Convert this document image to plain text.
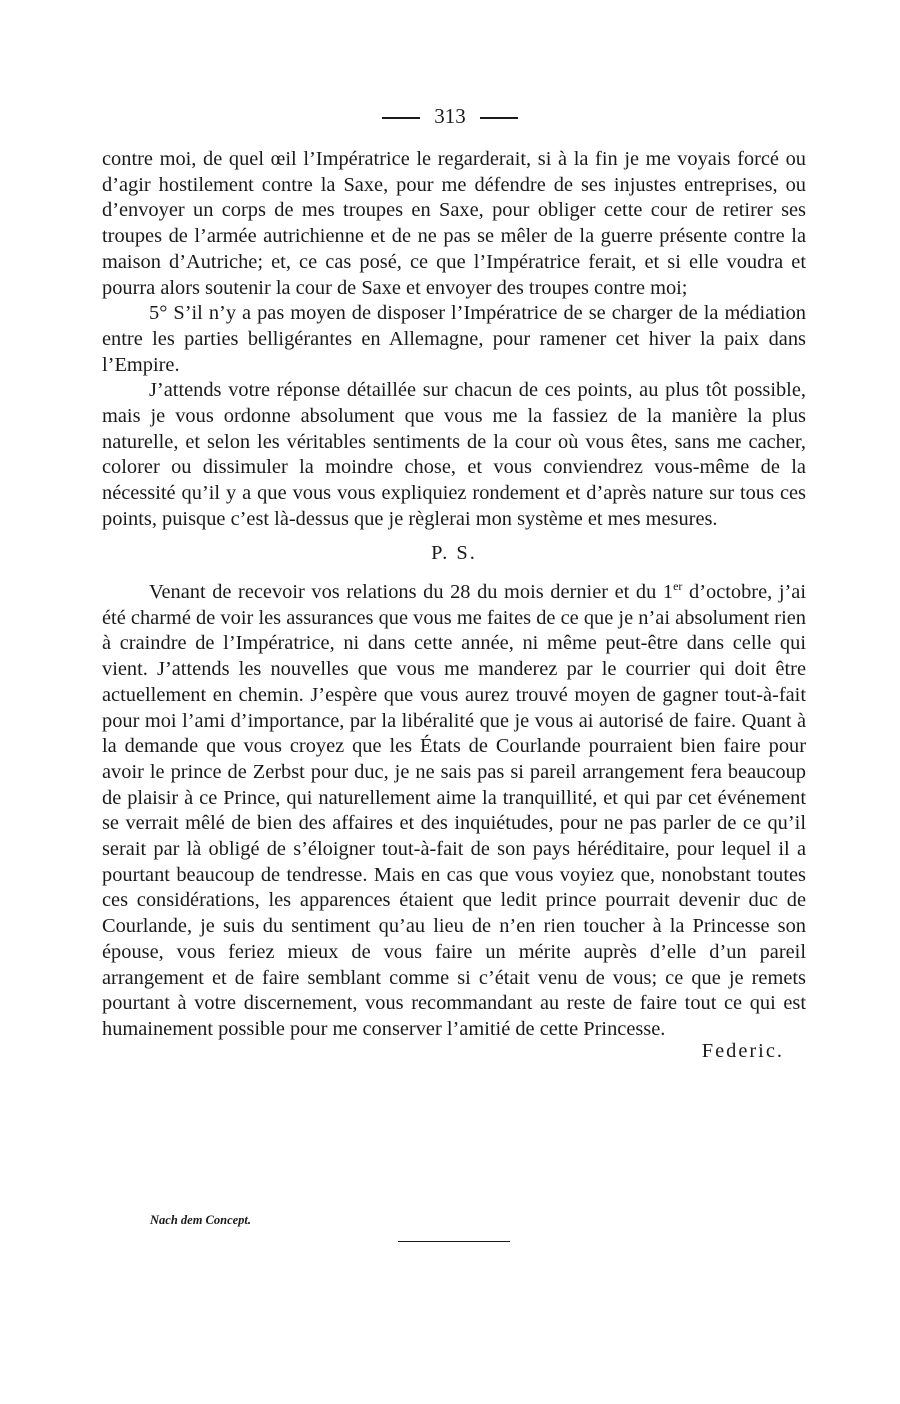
313

contre moi, de quel œil l’Impératrice le regarderait, si à la fin je me voyais forcé ou d’agir hostilement contre la Saxe, pour me défendre de ses injustes entreprises, ou d’envoyer un corps de mes troupes en Saxe, pour obliger cette cour de retirer ses troupes de l’armée autrichienne et de ne pas se mêler de la guerre présente contre la maison d’Autriche; et, ce cas posé, ce que l’Impératrice ferait, et si elle voudra et pourra alors soutenir la cour de Saxe et envoyer des troupes contre moi;

5° S’il n’y a pas moyen de disposer l’Impératrice de se charger de la médiation entre les parties belligérantes en Allemagne, pour ramener cet hiver la paix dans l’Empire.

J’attends votre réponse détaillée sur chacun de ces points, au plus tôt possible, mais je vous ordonne absolument que vous me la fassiez de la manière la plus naturelle, et selon les véritables sentiments de la cour où vous êtes, sans me cacher, colorer ou dissimuler la moindre chose, et vous conviendrez vous-même de la nécessité qu’il y a que vous vous expliquiez rondement et d’après nature sur tous ces points, puisque c’est là-dessus que je règlerai mon système et mes mesures.

P. S.

Venant de recevoir vos relations du 28 du mois dernier et du 1er d’octobre, j’ai été charmé de voir les assurances que vous me faites de ce que je n’ai absolument rien à craindre de l’Impératrice, ni dans cette année, ni même peut-être dans celle qui vient. J’attends les nouvelles que vous me manderez par le courrier qui doit être actuellement en chemin. J’espère que vous aurez trouvé moyen de gagner tout-à-fait pour moi l’ami d’importance, par la libéralité que je vous ai autorisé de faire. Quant à la demande que vous croyez que les États de Courlande pourraient bien faire pour avoir le prince de Zerbst pour duc, je ne sais pas si pareil arrangement fera beaucoup de plaisir à ce Prince, qui naturellement aime la tranquillité, et qui par cet événement se verrait mêlé de bien des affaires et des inquiétudes, pour ne pas parler de ce qu’il serait par là obligé de s’éloigner tout-à-fait de son pays héréditaire, pour lequel il a pourtant beaucoup de tendresse. Mais en cas que vous voyiez que, nonobstant toutes ces considérations, les apparences étaient que ledit prince pourrait devenir duc de Courlande, je suis du sentiment qu’au lieu de n’en rien toucher à la Princesse son épouse, vous feriez mieux de vous faire un mérite auprès d’elle d’un pareil arrangement et de faire semblant comme si c’était venu de vous; ce que je remets pourtant à votre discernement, vous recommandant au reste de faire tout ce qui est humainement possible pour me conserver l’amitié de cette Princesse.

Federic.

Nach dem Concept.
